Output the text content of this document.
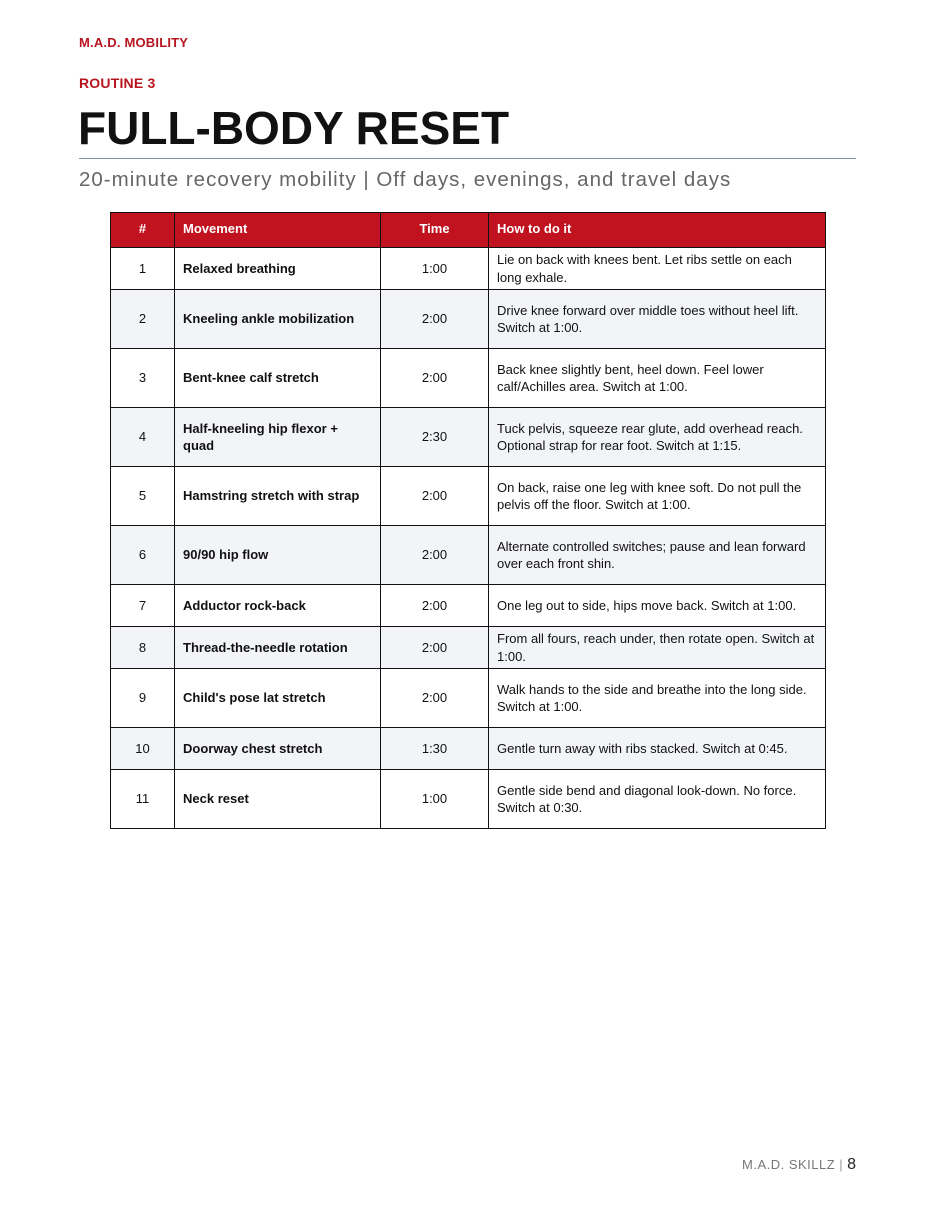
M.A.D. MOBILITY
ROUTINE 3
FULL-BODY RESET
20-minute recovery mobility | Off days, evenings, and travel days
#	Movement	Time	How to do it
1	Relaxed breathing	1:00	Lie on back with knees bent. Let ribs settle on each long exhale.
2	Kneeling ankle mobilization	2:00	Drive knee forward over middle toes without heel lift. Switch at 1:00.
3	Bent-knee calf stretch	2:00	Back knee slightly bent, heel down. Feel lower calf/Achilles area. Switch at 1:00.
4	Half-kneeling hip flexor + quad	2:30	Tuck pelvis, squeeze rear glute, add overhead reach. Optional strap for rear foot. Switch at 1:15.
5	Hamstring stretch with strap	2:00	On back, raise one leg with knee soft. Do not pull the pelvis off the floor. Switch at 1:00.
6	90/90 hip flow	2:00	Alternate controlled switches; pause and lean forward over each front shin.
7	Adductor rock-back	2:00	One leg out to side, hips move back. Switch at 1:00.
8	Thread-the-needle rotation	2:00	From all fours, reach under, then rotate open. Switch at 1:00.
9	Child's pose lat stretch	2:00	Walk hands to the side and breathe into the long side. Switch at 1:00.
10	Doorway chest stretch	1:30	Gentle turn away with ribs stacked. Switch at 0:45.
11	Neck reset	1:00	Gentle side bend and diagonal look-down. No force. Switch at 0:30.
M.A.D. SKILLZ | 8
